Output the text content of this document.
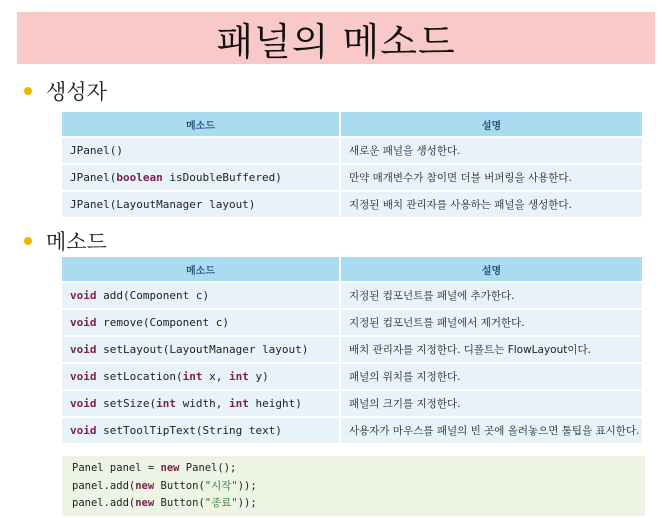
패널의 메소드
생성자
메소드	설명
JPanel()	새로운 패널을 생성한다.
JPanel(boolean isDoubleBuffered)	만약 매개변수가 참이면 더블 버퍼링을 사용한다.
JPanel(LayoutManager layout)	지정된 배치 관리자를 사용하는 패널을 생성한다.
메소드
메소드	설명
void add(Component c)	지정된 컴포넌트를 패널에 추가한다.
void remove(Component c)	지정된 컴포넌트를 패널에서 제거한다.
void setLayout(LayoutManager layout)	배치 관리자를 지정한다. 디폴트는 FlowLayout이다.
void setLocation(int x, int y)	패널의 위치를 지정한다.
void setSize(int width, int height)	패널의 크기를 지정한다.
void setToolTipText(String text)	사용자가 마우스를 패널의 빈 곳에 올려놓으면 툴팁을 표시한다.
Panel panel = new Panel();
panel.add(new Button("시작"));
panel.add(new Button("종료"));
